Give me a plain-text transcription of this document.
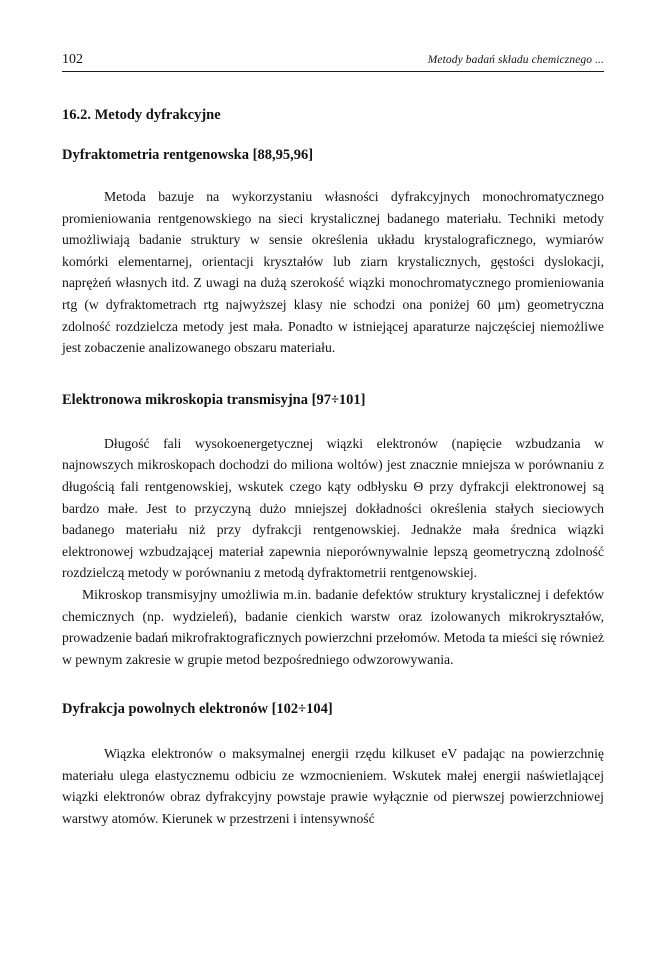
102	Metody badań składu chemicznego ...
16.2. Metody dyfrakcyjne
Dyfraktometria rentgenowska [88,95,96]

Metoda bazuje na wykorzystaniu własności dyfrakcyjnych monochromatycznego promieniowania rentgenowskiego na sieci krystalicznej badanego materiału. Techniki metody umożliwiają badanie struktury w sensie określenia układu krystalograficznego, wymiarów komórki elementarnej, orientacji kryształów lub ziarn krystalicznych, gęstości dyslokacji, naprężeń własnych itd. Z uwagi na dużą szerokość wiązki monochromatycznego promieniowania rtg (w dyfraktometrach rtg najwyższej klasy nie schodzi ona poniżej 60 μm) geometryczna zdolność rozdzielcza metody jest mała. Ponadto w istniejącej aparaturze najczęściej niemożliwe jest zobaczenie analizowanego obszaru materiału.

Elektronowa mikroskopia transmisyjna [97÷101]

Długość fali wysokoenergetycznej wiązki elektronów (napięcie wzbudzania w najnowszych mikroskopach dochodzi do miliona woltów) jest znacznie mniejsza w porównaniu z długością fali rentgenowskiej, wskutek czego kąty odbłysku Θ przy dyfrakcji elektronowej są bardzo małe. Jest to przyczyną dużo mniejszej dokładności określenia stałych sieciowych badanego materiału niż przy dyfrakcji rentgenowskiej. Jednakże mała średnica wiązki elektronowej wzbudzającej materiał zapewnia nieporównywalnie lepszą geometryczną zdolność rozdzielczą metody w porównaniu z metodą dyfraktometrii rentgenowskiej.

Mikroskop transmisyjny umożliwia m.in. badanie defektów struktury krystalicznej i defektów chemicznych (np. wydzieleń), badanie cienkich warstw oraz izolowanych mikrokryształów, prowadzenie badań mikrofraktograficznych powierzchni przełomów. Metoda ta mieści się również w pewnym zakresie w grupie metod bezpośredniego odwzorowywania.

Dyfrakcja powolnych elektronów [102÷104]

Wiązka elektronów o maksymalnej energii rzędu kilkuset eV padając na powierzchnię materiału ulega elastycznemu odbiciu ze wzmocnieniem. Wskutek małej energii naświetlającej wiązki elektronów obraz dyfrakcyjny powstaje prawie wyłącznie od pierwszej powierzchniowej warstwy atomów. Kierunek w przestrzeni i intensywność
